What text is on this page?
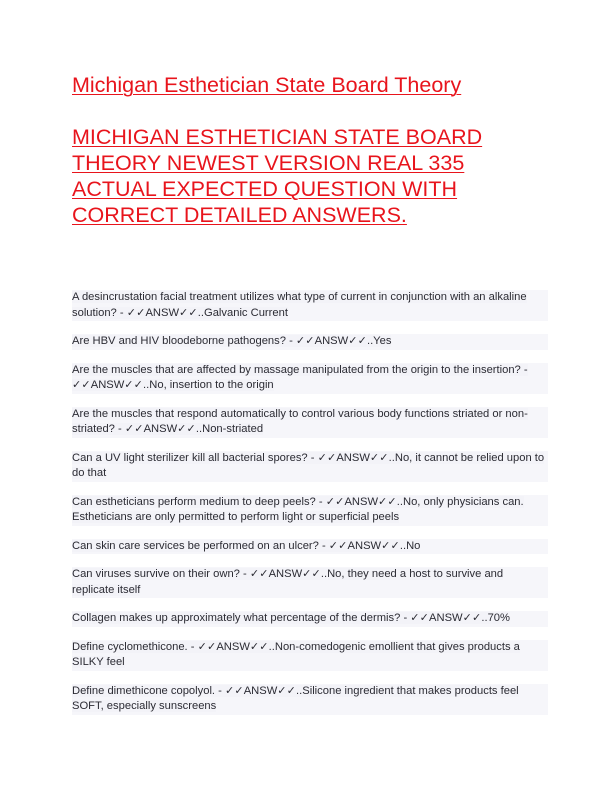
Michigan Esthetician State Board Theory
MICHIGAN ESTHETICIAN STATE BOARD THEORY NEWEST VERSION REAL 335 ACTUAL EXPECTED QUESTION WITH CORRECT DETAILED ANSWERS.
A desincrustation facial treatment utilizes what type of current in conjunction with an alkaline solution? - ✓✓ANSW✓✓..Galvanic Current
Are HBV and HIV bloodeborne pathogens? - ✓✓ANSW✓✓..Yes
Are the muscles that are affected by massage manipulated from the origin to the insertion? - ✓✓ANSW✓✓..No, insertion to the origin
Are the muscles that respond automatically to control various body functions striated or non-striated? - ✓✓ANSW✓✓..Non-striated
Can a UV light sterilizer kill all bacterial spores? - ✓✓ANSW✓✓..No, it cannot be relied upon to do that
Can estheticians perform medium to deep peels? - ✓✓ANSW✓✓..No, only physicians can. Estheticians are only permitted to perform light or superficial peels
Can skin care services be performed on an ulcer? - ✓✓ANSW✓✓..No
Can viruses survive on their own? - ✓✓ANSW✓✓..No, they need a host to survive and replicate itself
Collagen makes up approximately what percentage of the dermis? - ✓✓ANSW✓✓..70%
Define cyclomethicone. - ✓✓ANSW✓✓..Non-comedogenic emollient that gives products a SILKY feel
Define dimethicone copolyol. - ✓✓ANSW✓✓..Silicone ingredient that makes products feel SOFT, especially sunscreens
